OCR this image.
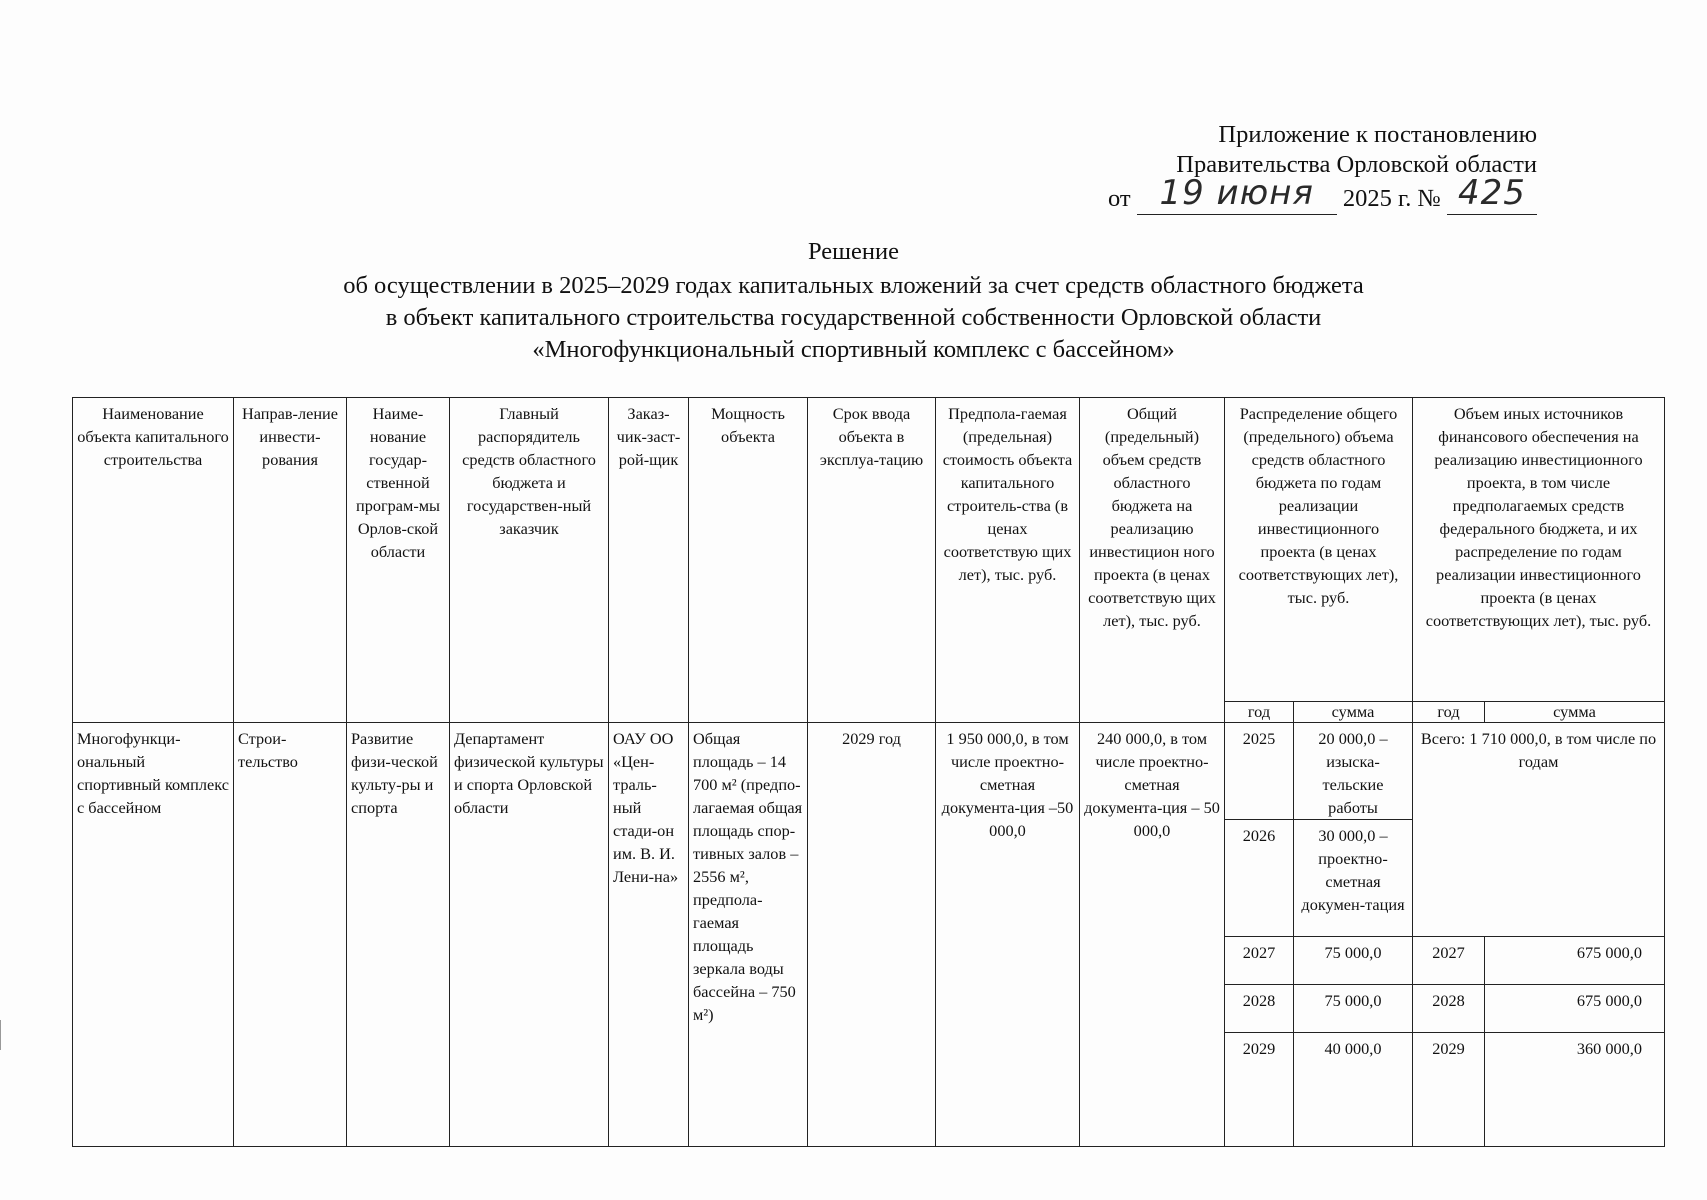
Приложение к постановлению
Правительства Орловской области
от 19 июня 2025 г. № 425
Решение
об осуществлении в 2025–2029 годах капитальных вложений за счет средств областного бюджета
в объект капитального строительства государственной собственности Орловской области
«Многофункциональный спортивный комплекс с бассейном»
Наименование объекта капитального строительства	Направ-ление инвести-рования	Наиме-нование государ-ственной програм-мы Орлов-ской области	Главный распорядитель средств областного бюджета и государствен-ный заказчик	Заказ-чик-заст-рой-щик	Мощность объекта	Срок ввода объекта в эксплуа-тацию	Предпола-гаемая (предельная) стоимость объекта капитального строитель-ства (в ценах соответствую щих лет), тыс. руб.	Общий (предельный) объем средств областного бюджета на реализацию инвестицион ного проекта (в ценах соответствую щих лет), тыс. руб.	Распределение общего (предельного) объема средств областного бюджета по годам реализации инвестиционного проекта (в ценах соответствующих лет), тыс. руб.		Объем иных источников финансового обеспечения на реализацию инвестиционного проекта, в том числе предполагаемых средств федерального бюджета, и их распределение по годам реализации инвестиционного проекта (в ценах соответствующих лет), тыс. руб.	
									год	сумма	год	сумма
Многофункци-ональный спортивный комплекс с бассейном	Строи-тельство	Развитие физи-ческой культу-ры и спорта	Департамент физической культуры и спорта Орловской области	ОАУ ОО «Цен-траль-ный стади-он им. В. И. Лени-на»	Общая площадь – 14 700 м² (предпо-лагаемая общая площадь спор-тивных залов – 2556 м², предпола-гаемая площадь зеркала воды бассейна – 750 м²)	2029 год	1 950 000,0, в том числе проектно-сметная документа-ция –50 000,0	240 000,0, в том числе проектно-сметная документа-ция – 50 000,0	2025	20 000,0 – изыска-тельские работы	Всего: 1 710 000,0, в том числе по годам	
									2026	30 000,0 – проектно-сметная докумен-тация		
									2027	75 000,0	2027	675 000,0
									2028	75 000,0	2028	675 000,0
									2029	40 000,0	2029	360 000,0
